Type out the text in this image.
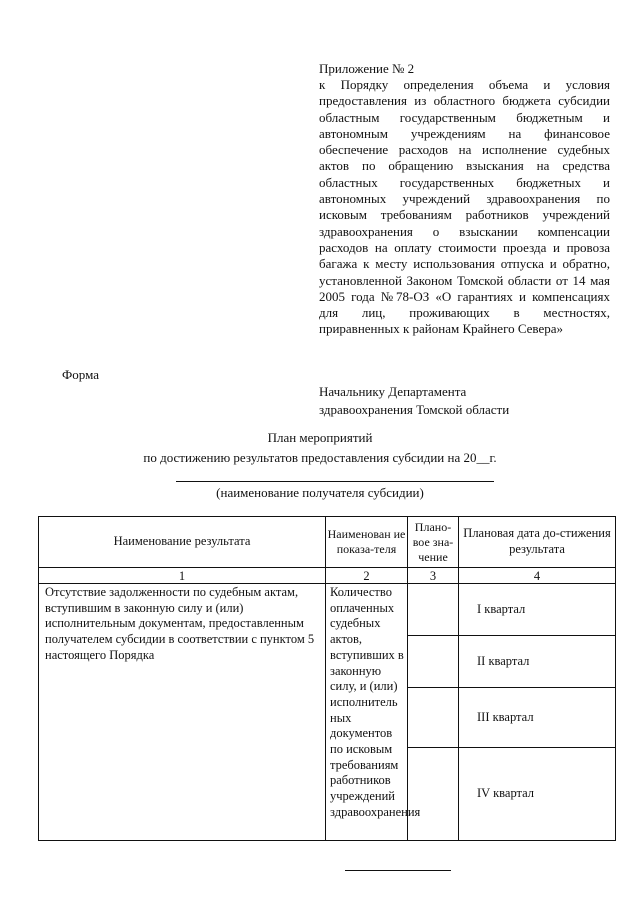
Приложение № 2
к Порядку определения объема и условия предоставления из областного бюджета субсидии областным государственным бюджетным и автономным учреждениям на финансовое обеспечение расходов на исполнение судебных актов по обращению взыскания на средства областных государственных бюджетных и автономных учреждений здравоохранения по исковым требованиям работников учреждений здравоохранения о взыскании компенсации расходов на оплату стоимости проезда и провоза багажа к месту использования отпуска и обратно, установленной Законом Томской области от 14 мая 2005 года №78-ОЗ «О гарантиях и компенсациях для лиц, проживающих в местностях, приравненных к районам Крайнего Севера»
Форма
Начальнику Департамента
здравоохранения Томской области
План мероприятий
по достижению результатов предоставления субсидии на 20__г.
(наименование получателя субсидии)
Наименование результата	Наименован ие показа-теля	Плано-вое зна-чение	Плановая дата до-стижения результата
1	2	3	4
Отсутствие задолженности по судебным актам, вступившим в законную силу и (или) исполнительным документам, предоставленным получателем субсидии в соответствии с пунктом 5 настоящего Порядка	Количество оплаченных судебных актов, вступивших в законную силу, и (или) исполнитель ных документов по исковым требованиям работников учреждений здравоохранения		I квартал
			II квартал
			III квартал
			IV квартал
